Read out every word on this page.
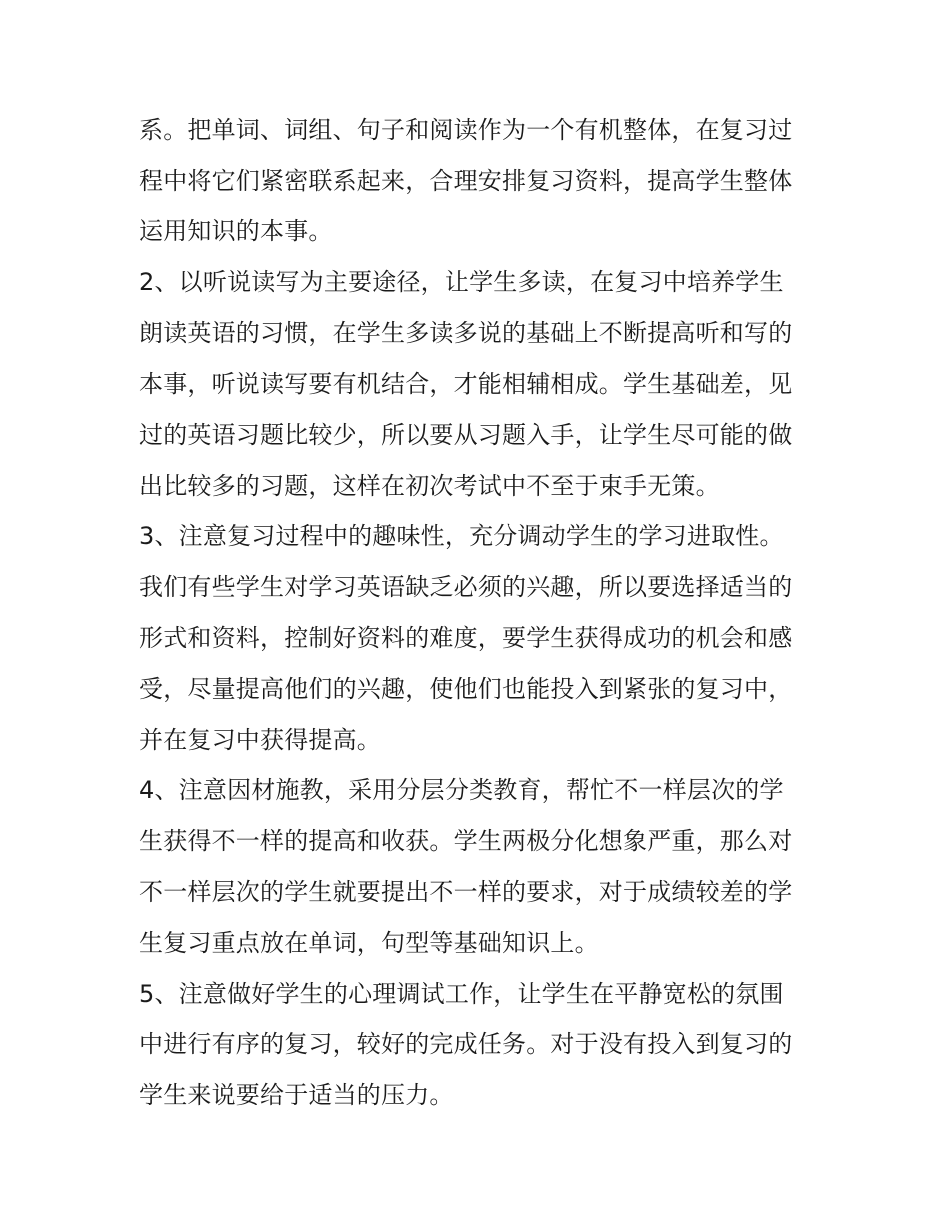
系。把单词、词组、句子和阅读作为一个有机整体，在复习过
程中将它们紧密联系起来，合理安排复习资料，提高学生整体
运用知识的本事。
2、以听说读写为主要途径，让学生多读，在复习中培养学生
朗读英语的习惯，在学生多读多说的基础上不断提高听和写的
本事，听说读写要有机结合，才能相辅相成。学生基础差，见
过的英语习题比较少，所以要从习题入手，让学生尽可能的做
出比较多的习题，这样在初次考试中不至于束手无策。
3、注意复习过程中的趣味性，充分调动学生的学习进取性。
我们有些学生对学习英语缺乏必须的兴趣，所以要选择适当的
形式和资料，控制好资料的难度，要学生获得成功的机会和感
受，尽量提高他们的兴趣，使他们也能投入到紧张的复习中，
并在复习中获得提高。
4、注意因材施教，采用分层分类教育，帮忙不一样层次的学
生获得不一样的提高和收获。学生两极分化想象严重，那么对
不一样层次的学生就要提出不一样的要求，对于成绩较差的学
生复习重点放在单词，句型等基础知识上。
5、注意做好学生的心理调试工作，让学生在平静宽松的氛围
中进行有序的复习，较好的完成任务。对于没有投入到复习的
学生来说要给于适当的压力。
